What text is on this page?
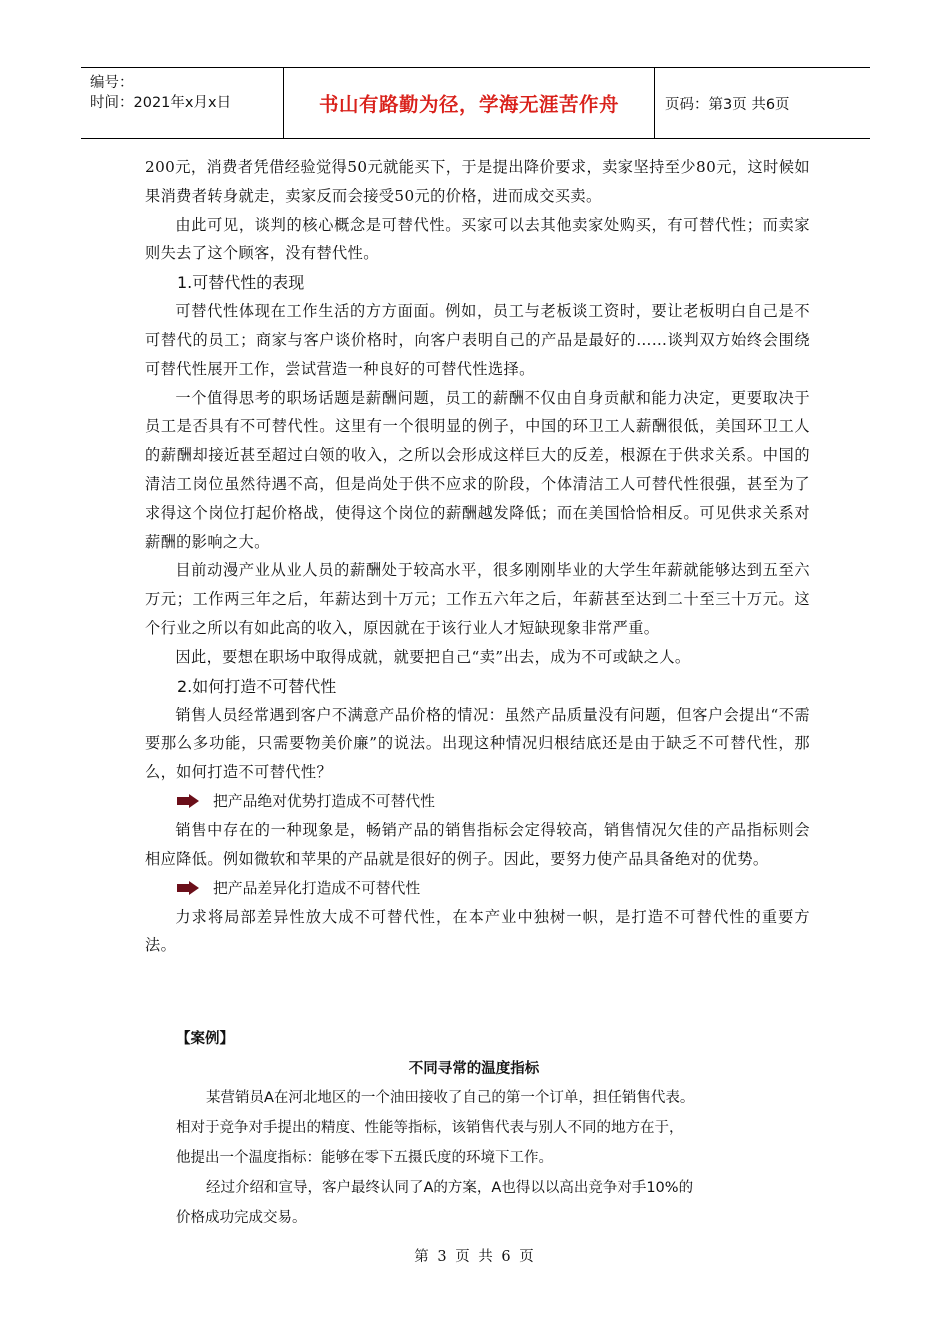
编号：
时间：2021年x月x日	书山有路勤为径，学海无涯苦作舟	页码：第3页 共6页

200元，消费者凭借经验觉得50元就能买下，于是提出降价要求，卖家坚持至少80元，这时候如果消费者转身就走，卖家反而会接受50元的价格，进而成交买卖。

由此可见，谈判的核心概念是可替代性。买家可以去其他卖家处购买，有可替代性；而卖家则失去了这个顾客，没有替代性。

1.可替代性的表现

可替代性体现在工作生活的方方面面。例如，员工与老板谈工资时，要让老板明白自己是不可替代的员工；商家与客户谈价格时，向客户表明自己的产品是最好的……谈判双方始终会围绕可替代性展开工作，尝试营造一种良好的可替代性选择。

一个值得思考的职场话题是薪酬问题，员工的薪酬不仅由自身贡献和能力决定，更要取决于员工是否具有不可替代性。这里有一个很明显的例子，中国的环卫工人薪酬很低，美国环卫工人的薪酬却接近甚至超过白领的收入，之所以会形成这样巨大的反差，根源在于供求关系。中国的清洁工岗位虽然待遇不高，但是尚处于供不应求的阶段，个体清洁工人可替代性很强，甚至为了求得这个岗位打起价格战，使得这个岗位的薪酬越发降低；而在美国恰恰相反。可见供求关系对薪酬的影响之大。

目前动漫产业从业人员的薪酬处于较高水平，很多刚刚毕业的大学生年薪就能够达到五至六万元；工作两三年之后，年薪达到十万元；工作五六年之后，年薪甚至达到二十至三十万元。这个行业之所以有如此高的收入，原因就在于该行业人才短缺现象非常严重。

因此，要想在职场中取得成就，就要把自己“卖”出去，成为不可或缺之人。

2.如何打造不可替代性

销售人员经常遇到客户不满意产品价格的情况：虽然产品质量没有问题，但客户会提出“不需要那么多功能，只需要物美价廉”的说法。出现这种情况归根结底还是由于缺乏不可替代性，那么，如何打造不可替代性？

把产品绝对优势打造成不可替代性

销售中存在的一种现象是，畅销产品的销售指标会定得较高，销售情况欠佳的产品指标则会相应降低。例如微软和苹果的产品就是很好的例子。因此，要努力使产品具备绝对的优势。

把产品差异化打造成不可替代性

力求将局部差异性放大成不可替代性，在本产业中独树一帜，是打造不可替代性的重要方法。

【案例】
不同寻常的温度指标
某营销员A在河北地区的一个油田接收了自己的第一个订单，担任销售代表。
相对于竞争对手提出的精度、性能等指标，该销售代表与别人不同的地方在于，
他提出一个温度指标：能够在零下五摄氏度的环境下工作。
经过介绍和宣导，客户最终认同了A的方案，A也得以以高出竞争对手10%的
价格成功完成交易。
第 3 页 共 6 页
